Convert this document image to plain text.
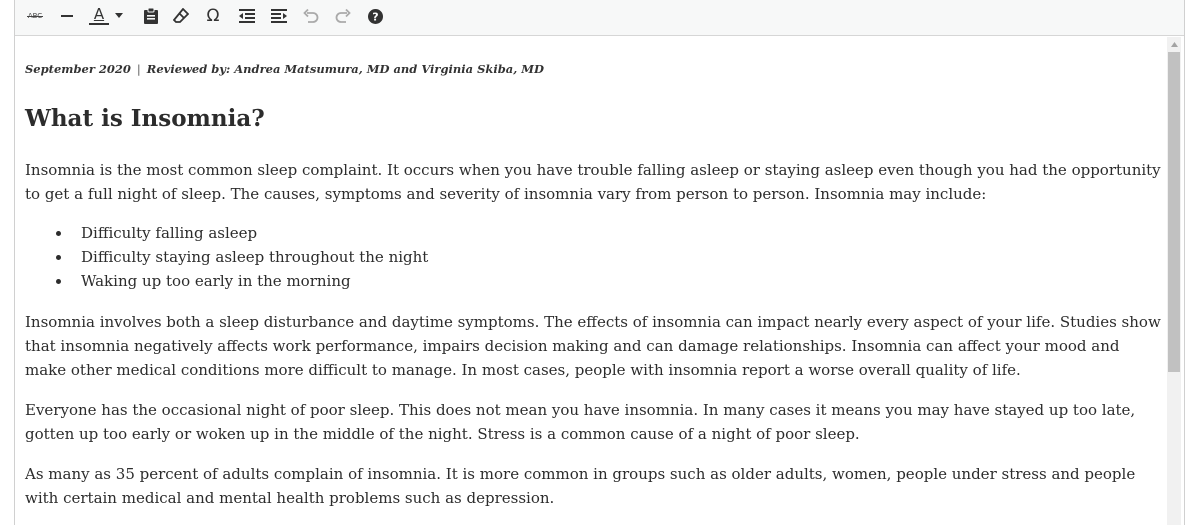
ABC	A	Ω	?
September 2020 | Reviewed by: Andrea Matsumura, MD and Virginia Skiba, MD
What is Insomnia?

Insomnia is the most common sleep complaint. It occurs when you have trouble falling asleep or staying asleep even though you had the opportunity to get a full night of sleep. The causes, symptoms and severity of insomnia vary from person to person. Insomnia may include:

Difficulty falling asleep
Difficulty staying asleep throughout the night
Waking up too early in the morning

Insomnia involves both a sleep disturbance and daytime symptoms. The effects of insomnia can impact nearly every aspect of your life. Studies show that insomnia negatively affects work performance, impairs decision making and can damage relationships. Insomnia can affect your mood and make other medical conditions more difficult to manage. In most cases, people with insomnia report a worse overall quality of life.

Everyone has the occasional night of poor sleep. This does not mean you have insomnia. In many cases it means you may have stayed up too late, gotten up too early or woken up in the middle of the night. Stress is a common cause of a night of poor sleep.

As many as 35 percent of adults complain of insomnia. It is more common in groups such as older adults, women, people under stress and people with certain medical and mental health problems such as depression.
